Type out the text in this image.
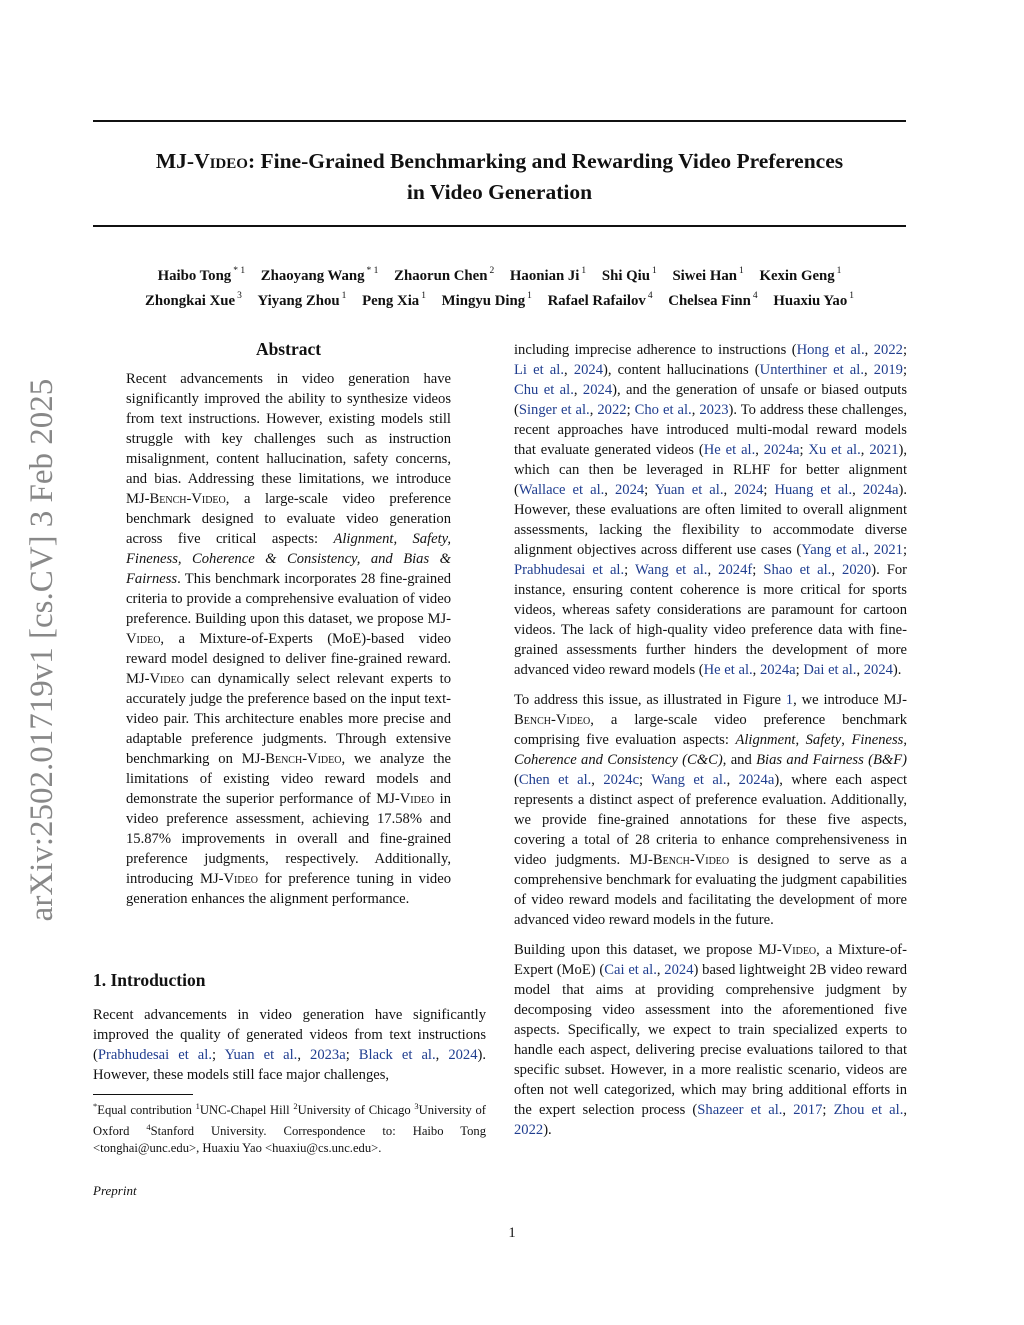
MJ-Video: Fine-Grained Benchmarking and Rewarding Video Preferences
in Video Generation
Haibo Tong $^{* 1}$ Zhaoyang Wang $^{* 1}$ Zhaorun Chen $^2$ Haonian Ji $^1$ Shi Qiu $^1$ Siwei Han $^1$ Kexin Geng $^1$
Zhongkai Xue $^3$ Yiyang Zhou $^1$ Peng Xia $^1$ Mingyu Ding $^1$ Rafael Rafailov $^4$ Chelsea Finn $^4$ Huaxiu Yao $^1$
arXiv:2502.01719v1 [cs.CV] 3 Feb 2025
Abstract
Recent advancements in video generation have significantly improved the ability to synthesize videos from text instructions. However, existing models still struggle with key challenges such as instruction misalignment, content hallucination, safety concerns, and bias. Addressing these limitations, we introduce MJ-Bench-Video, a large-scale video preference benchmark designed to evaluate video generation across five critical aspects: Alignment, Safety, Fineness, Coherence & Consistency, and Bias & Fairness. This benchmark incorporates 28 fine-grained criteria to provide a comprehensive evaluation of video preference. Building upon this dataset, we propose MJ-Video, a Mixture-of-Experts (MoE)-based video reward model designed to deliver fine-grained reward. MJ-Video can dynamically select relevant experts to accurately judge the preference based on the input text-video pair. This architecture enables more precise and adaptable preference judgments. Through extensive benchmarking on MJ-Bench-Video, we analyze the limitations of existing video reward models and demonstrate the superior performance of MJ-Video in video preference assessment, achieving 17.58% and 15.87% improvements in overall and fine-grained preference judgments, respectively. Additionally, introducing MJ-Video for preference tuning in video generation enhances the alignment performance.
1. Introduction
Recent advancements in video generation have significantly improved the quality of generated videos from text instructions (Prabhudesai et al.; Yuan et al., 2023a; Black et al., 2024). However, these models still face major challenges,
*Equal contribution $^1$UNC-Chapel Hill $^2$University of Chicago $^3$University of Oxford $^4$Stanford University. Correspondence to: Haibo Tong <tonghai@unc.edu>, Huaxiu Yao <huaxiu@cs.unc.edu>.
Preprint

including imprecise adherence to instructions (Hong et al., 2022; Li et al., 2024), content hallucinations (Unterthiner et al., 2019; Chu et al., 2024), and the generation of unsafe or biased outputs (Singer et al., 2022; Cho et al., 2023). To address these challenges, recent approaches have introduced multi-modal reward models that evaluate generated videos (He et al., 2024a; Xu et al., 2021), which can then be leveraged in RLHF for better alignment (Wallace et al., 2024; Yuan et al., 2024; Huang et al., 2024a). However, these evaluations are often limited to overall alignment assessments, lacking the flexibility to accommodate diverse alignment objectives across different use cases (Yang et al., 2021; Prabhudesai et al.; Wang et al., 2024f; Shao et al., 2020). For instance, ensuring content coherence is more critical for sports videos, whereas safety considerations are paramount for cartoon videos. The lack of high-quality video preference data with fine-grained assessments further hinders the development of more advanced video reward models (He et al., 2024a; Dai et al., 2024).

To address this issue, as illustrated in Figure 1, we introduce MJ-Bench-Video, a large-scale video preference benchmark comprising five evaluation aspects: Alignment, Safety, Fineness, Coherence and Consistency (C&C), and Bias and Fairness (B&F) (Chen et al., 2024c; Wang et al., 2024a), where each aspect represents a distinct aspect of preference evaluation. Additionally, we provide fine-grained annotations for these five aspects, covering a total of 28 criteria to enhance comprehensiveness in video judgments. MJ-Bench-Video is designed to serve as a comprehensive benchmark for evaluating the judgment capabilities of video reward models and facilitating the development of more advanced video reward models in the future.

Building upon this dataset, we propose MJ-Video, a Mixture-of-Expert (MoE) (Cai et al., 2024) based lightweight 2B video reward model that aims at providing comprehensive judgment by decomposing video assessment into the aforementioned five aspects. Specifically, we expect to train specialized experts to handle each aspect, delivering precise evaluations tailored to that specific subset. However, in a more realistic scenario, videos are often not well categorized, which may bring additional efforts in the expert selection process (Shazeer et al., 2017; Zhou et al., 2022).

1
